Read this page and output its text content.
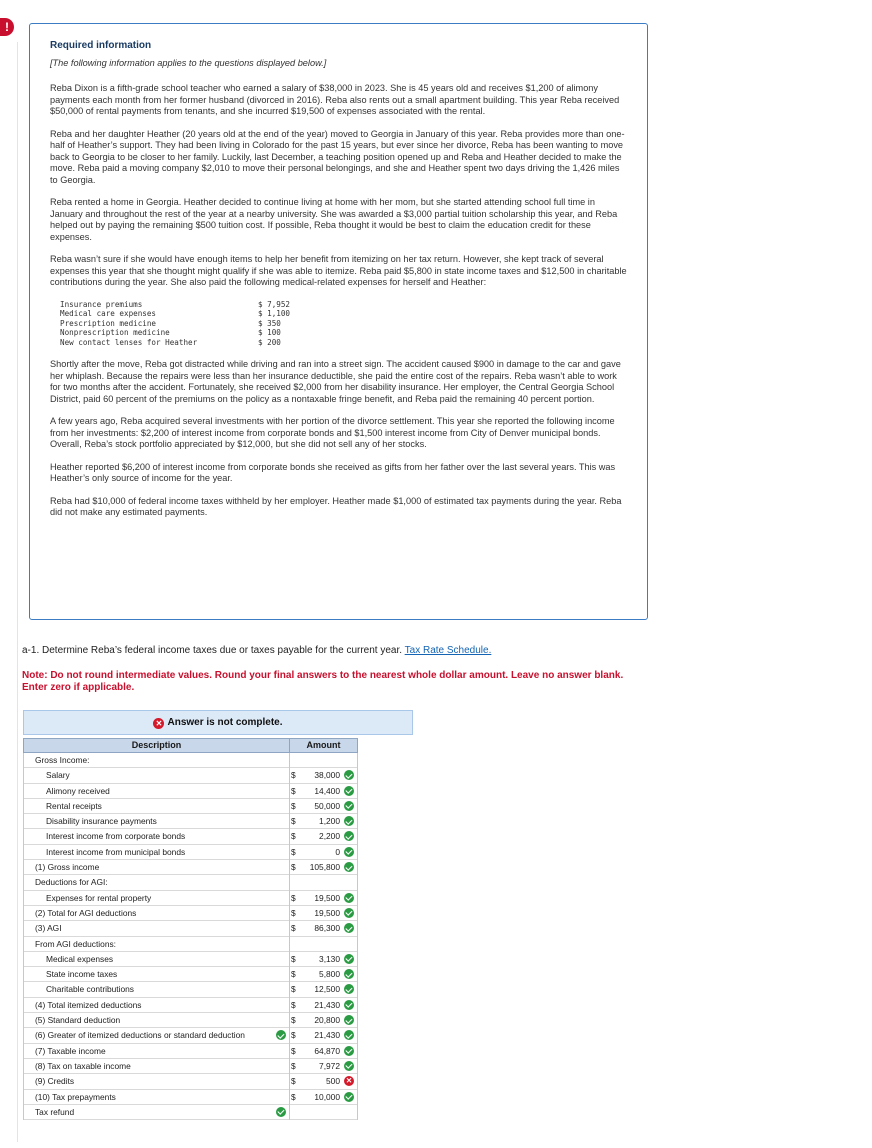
!
Required information
[The following information applies to the questions displayed below.]

Reba Dixon is a fifth-grade school teacher who earned a salary of $38,000 in 2023. She is 45 years old and receives $1,200 of alimony payments each month from her former husband (divorced in 2016). Reba also rents out a small apartment building. This year Reba received $50,000 of rental payments from tenants, and she incurred $19,500 of expenses associated with the rental.

Reba and her daughter Heather (20 years old at the end of the year) moved to Georgia in January of this year. Reba provides more than one-half of Heather’s support. They had been living in Colorado for the past 15 years, but ever since her divorce, Reba has been wanting to move back to Georgia to be closer to her family. Luckily, last December, a teaching position opened up and Reba and Heather decided to make the move. Reba paid a moving company $2,010 to move their personal belongings, and she and Heather spent two days driving the 1,426 miles to Georgia.

Reba rented a home in Georgia. Heather decided to continue living at home with her mom, but she started attending school full time in January and throughout the rest of the year at a nearby university. She was awarded a $3,000 partial tuition scholarship this year, and Reba helped out by paying the remaining $500 tuition cost. If possible, Reba thought it would be best to claim the education credit for these expenses.

Reba wasn’t sure if she would have enough items to help her benefit from itemizing on her tax return. However, she kept track of several expenses this year that she thought might qualify if she was able to itemize. Reba paid $5,800 in state income taxes and $12,500 in charitable contributions during the year. She also paid the following medical-related expenses for herself and Heather:

Insurance premiums	$ 7,952
Medical care expenses	$ 1,100
Prescription medicine	$ 350
Nonprescription medicine	$ 100
New contact lenses for Heather	$ 200

Shortly after the move, Reba got distracted while driving and ran into a street sign. The accident caused $900 in damage to the car and gave her whiplash. Because the repairs were less than her insurance deductible, she paid the entire cost of the repairs. Reba wasn’t able to work for two months after the accident. Fortunately, she received $2,000 from her disability insurance. Her employer, the Central Georgia School District, paid 60 percent of the premiums on the policy as a nontaxable fringe benefit, and Reba paid the remaining 40 percent portion.

A few years ago, Reba acquired several investments with her portion of the divorce settlement. This year she reported the following income from her investments: $2,200 of interest income from corporate bonds and $1,500 interest income from City of Denver municipal bonds. Overall, Reba’s stock portfolio appreciated by $12,000, but she did not sell any of her stocks.

Heather reported $6,200 of interest income from corporate bonds she received as gifts from her father over the last several years. This was Heather’s only source of income for the year.

Reba had $10,000 of federal income taxes withheld by her employer. Heather made $1,000 of estimated tax payments during the year. Reba did not make any estimated payments.

a-1. Determine Reba’s federal income taxes due or taxes payable for the current year. Tax Rate Schedule.
Note: Do not round intermediate values. Round your final answers to the nearest whole dollar amount. Leave no answer blank. Enter zero if applicable.
✕ Answer is not complete.
Description	Amount
Gross Income:
Salary	$ 38,000
Alimony received	$ 14,400
Rental receipts	$ 50,000
Disability insurance payments	$	1,200
Interest income from corporate bonds	$	2,200
Interest income from municipal bonds	$	0
(1) Gross income	$ 105,800
Deductions for AGI:
Expenses for rental property	$ 19,500
(2) Total for AGI deductions	$ 19,500
(3) AGI	$ 86,300
From AGI deductions:
Medical expenses	$	3,130
State income taxes	$	5,800
Charitable contributions	$ 12,500
(4) Total itemized deductions	$ 21,430
(5) Standard deduction	$ 20,800
(6) Greater of itemized deductions or standard deduction	$ 21,430
(7) Taxable income	$ 64,870
(8) Tax on taxable income	$	7,972
(9) Credits	$	500 ✕
(10) Tax prepayments	$ 10,000
Tax refund
